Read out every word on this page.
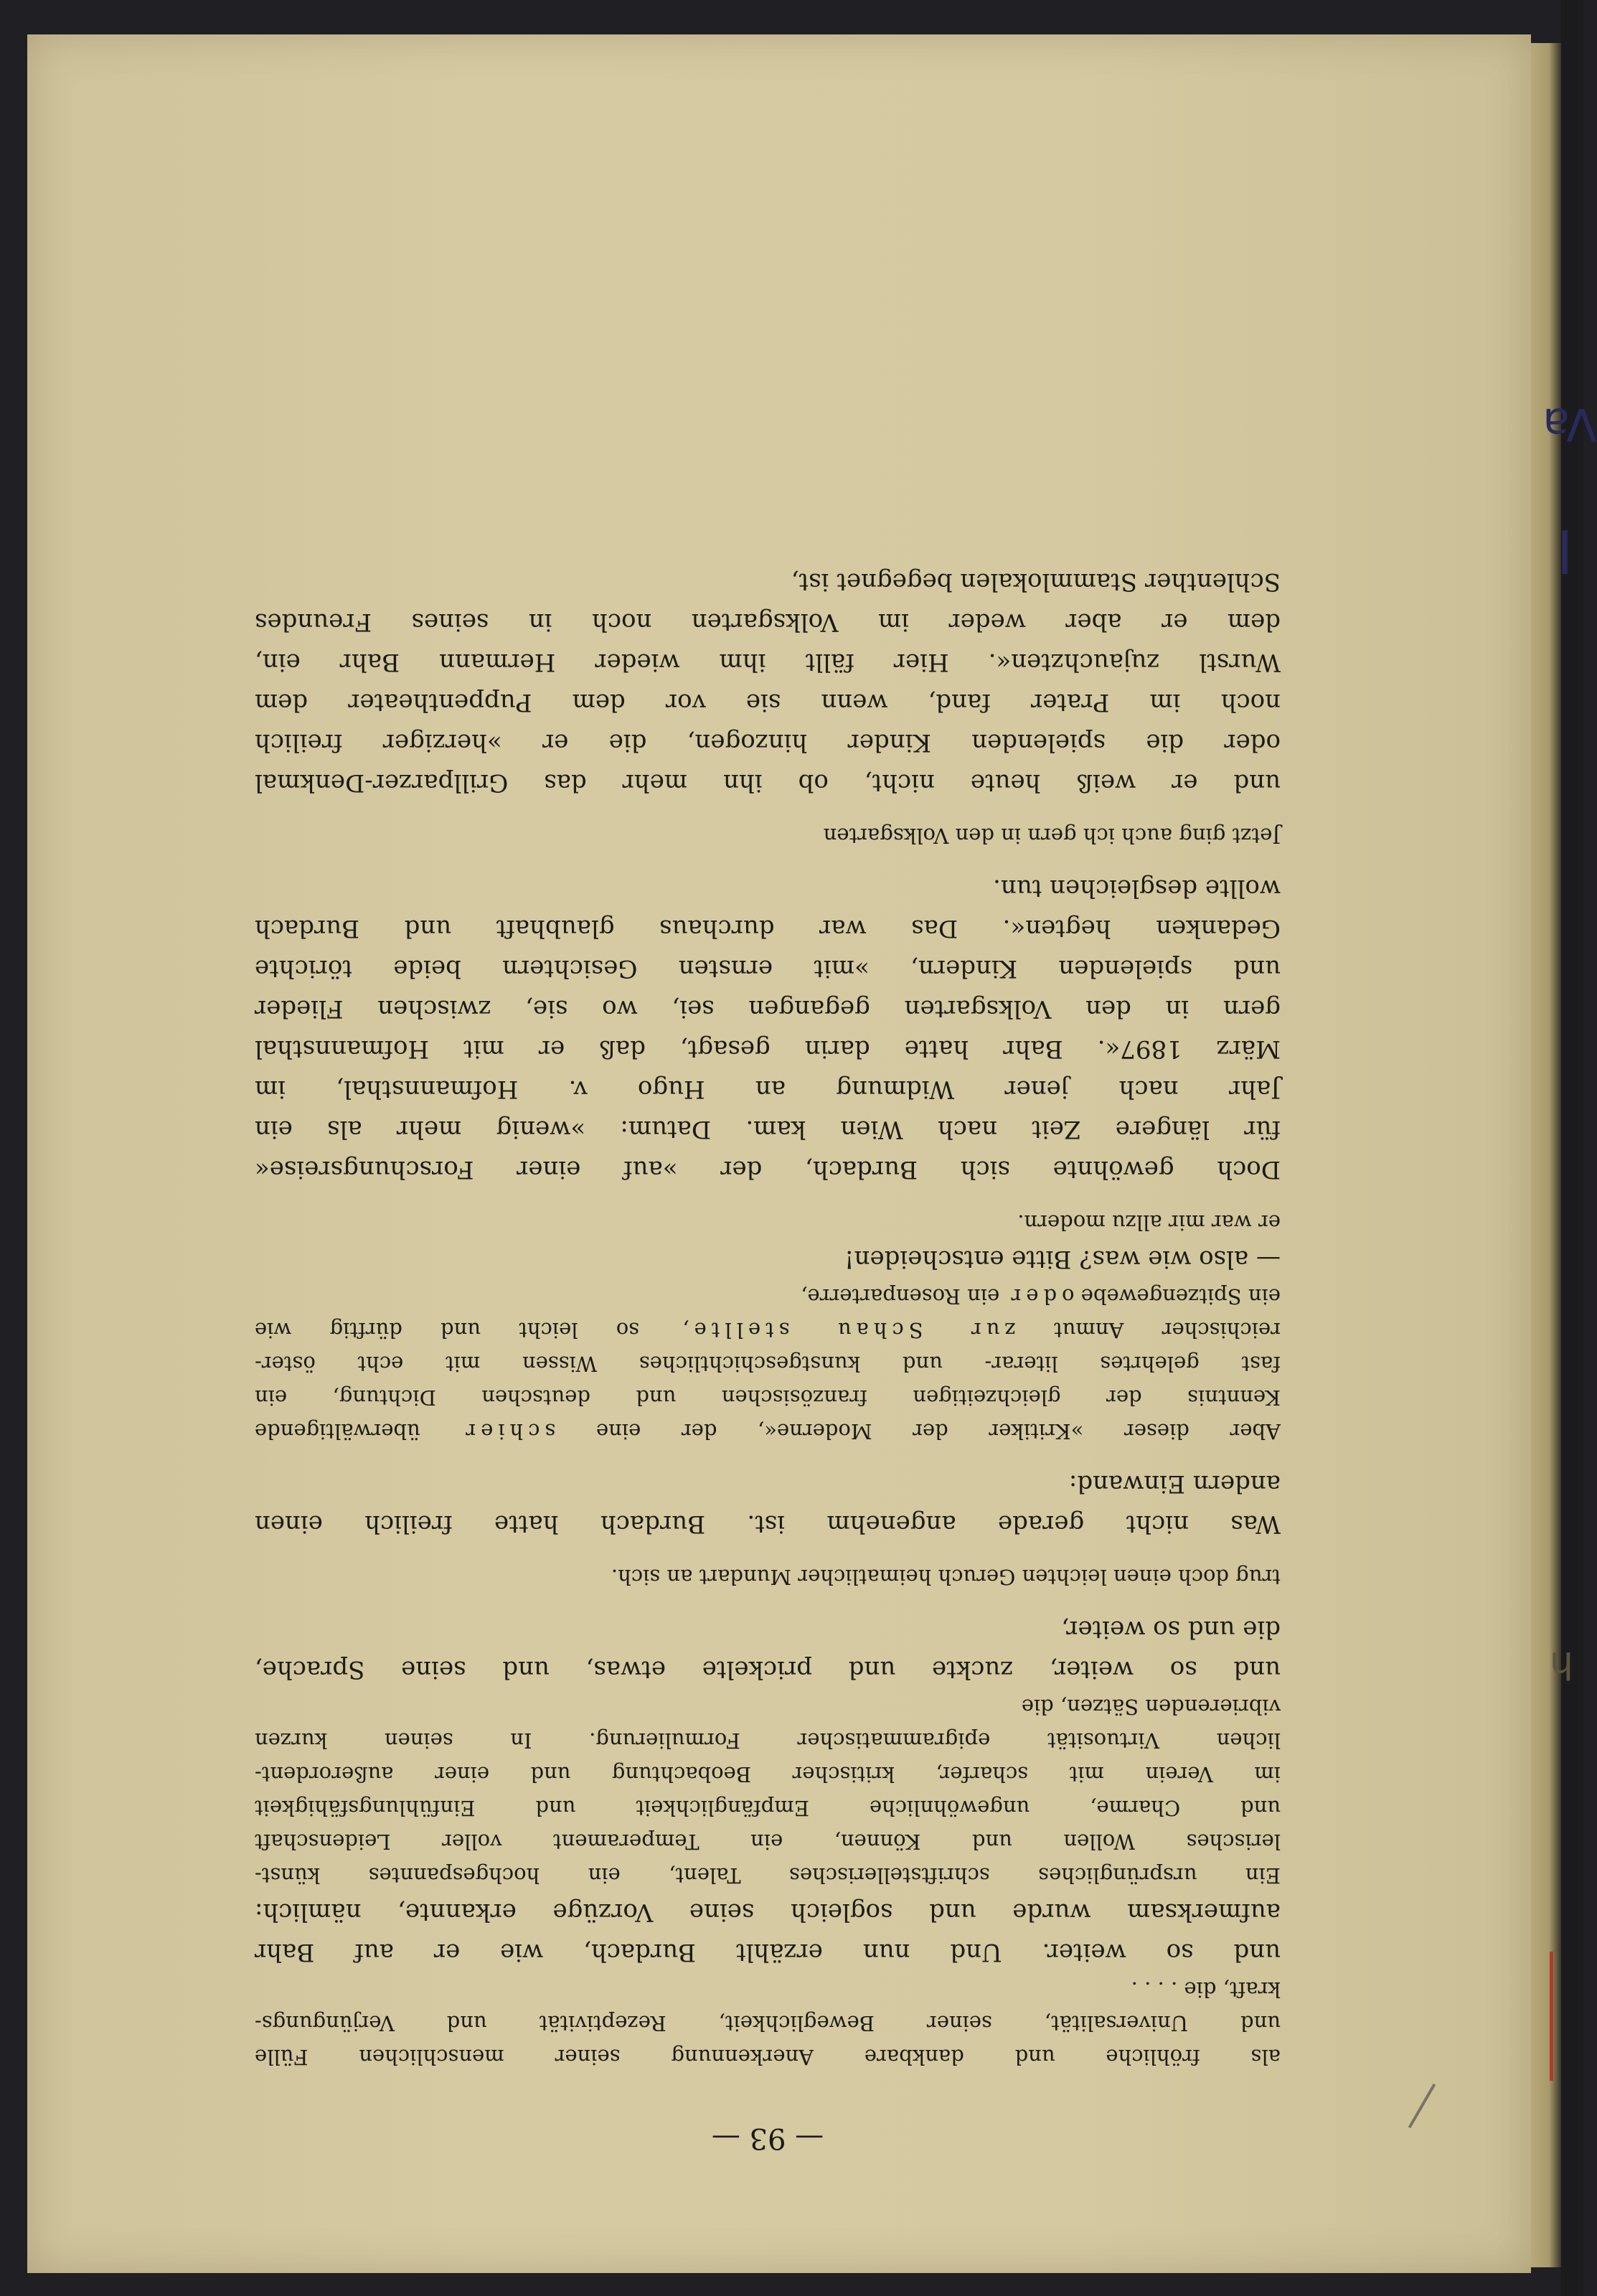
Va
l
h
— 93 —
als fröhliche und dankbare Anerkennung seiner menschlichen Fülle
und Universalität, seiner Beweglichkeit, Rezeptivität und Verjüngungs-
kraft, die . . . .
und so weiter. Und nun erzählt Burdach, wie er auf Bahr
aufmerksam wurde und sogleich seine Vorzüge erkannte, nämlich:
Ein ursprüngliches schriftstellerisches Talent, ein hochgespanntes künst-
lerisches Wollen und Können, ein Temperament voller Leidenschaft
und Charme, ungewöhnliche Empfänglichkeit und Einfühlungsfähigkeit
im Verein mit scharfer, kritischer Beobachtung und einer außerordent-
lichen Virtuosität epigrammatischer Formulierung. In seinen kurzen
vibrierenden Sätzen, die
und so weiter, zuckte und prickelte etwas, und seine Sprache,
die und so weiter,
trug doch einen leichten Geruch heimatlicher Mundart an sich.
Was nicht gerade angenehm ist. Burdach hatte freilich einen
andern Einwand:
Aber dieser »Kritiker der Moderne«, der eine schier überwältigende
Kenntnis der gleichzeitigen französischen und deutschen Dichtung, ein
fast gelehrtes literar- und kunstgeschichtliches Wissen mit echt öster-
reichischer Anmut zur Schau stellte, so leicht und dürftig wie
ein Spitzengewebe oder ein Rosenparterre,
— also wie was? Bitte entscheiden!
er war mir allzu modern.
Doch gewöhnte sich Burdach, der »auf einer Forschungsreise«
für längere Zeit nach Wien kam. Datum: »wenig mehr als ein
Jahr nach jener Widmung an Hugo v. Hofmannsthal, im
März 1897«. Bahr hatte darin gesagt, daß er mit Hofmannsthal
gern in den Volksgarten gegangen sei, wo sie, zwischen Flieder
und spielenden Kindern, »mit ernsten Gesichtern beide törichte
Gedanken hegten«. Das war durchaus glaubhaft und Burdach
wollte desgleichen tun.
Jetzt ging auch ich gern in den Volksgarten
und er weiß heute nicht, ob ihn mehr das Grillparzer-Denkmal
oder die spielenden Kinder hinzogen, die er »herziger freilich
noch im Prater fand, wenn sie vor dem Puppentheater dem
Wurstl zujauchzten«. Hier fällt ihm wieder Hermann Bahr ein,
dem er aber weder im Volksgarten noch in seines Freundes
Schlenther Stammlokalen begegnet ist,
